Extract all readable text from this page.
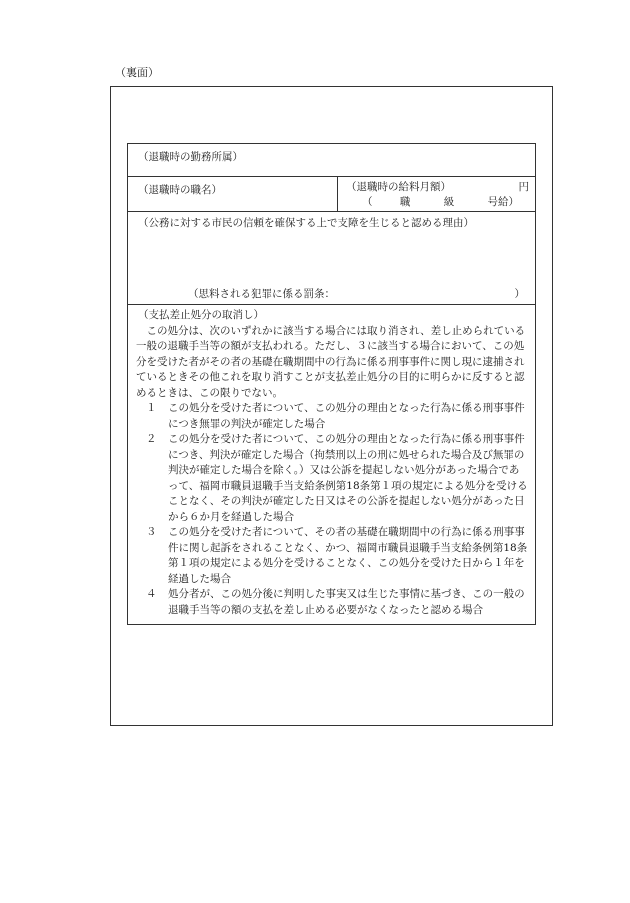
（裏面）
（退職時の勤務所属）
（退職時の職名）	（退職時の給料月額）	円
（	職	級	号給）
（公務に対する市民の信頼を確保する上で支障を生じると認める理由）
（思料される犯罪に係る罰条：	）
（支払差止処分の取消し）

この処分は、次のいずれかに該当する場合には取り消され、差し止められている一般の退職手当等の額が支払われる。ただし、３に該当する場合において、この処分を受けた者がその者の基礎在職期間中の行為に係る刑事事件に関し現に逮捕されているときその他これを取り消すことが支払差止処分の目的に明らかに反すると認めるときは、この限りでない。

１	この処分を受けた者について、この処分の理由となった行為に係る刑事事件につき無罪の判決が確定した場合
２	この処分を受けた者について、この処分の理由となった行為に係る刑事事件につき、判決が確定した場合（拘禁刑以上の刑に処せられた場合及び無罪の判決が確定した場合を除く。）又は公訴を提起しない処分があった場合であって、福岡市職員退職手当支給条例第18条第１項の規定による処分を受けることなく、その判決が確定した日又はその公訴を提起しない処分があった日から６か月を経過した場合
３	この処分を受けた者について、その者の基礎在職期間中の行為に係る刑事事件に関し起訴をされることなく、かつ、福岡市職員退職手当支給条例第18条第１項の規定による処分を受けることなく、この処分を受けた日から１年を経過した場合
４	処分者が、この処分後に判明した事実又は生じた事情に基づき、この一般の退職手当等の額の支払を差し止める必要がなくなったと認める場合
